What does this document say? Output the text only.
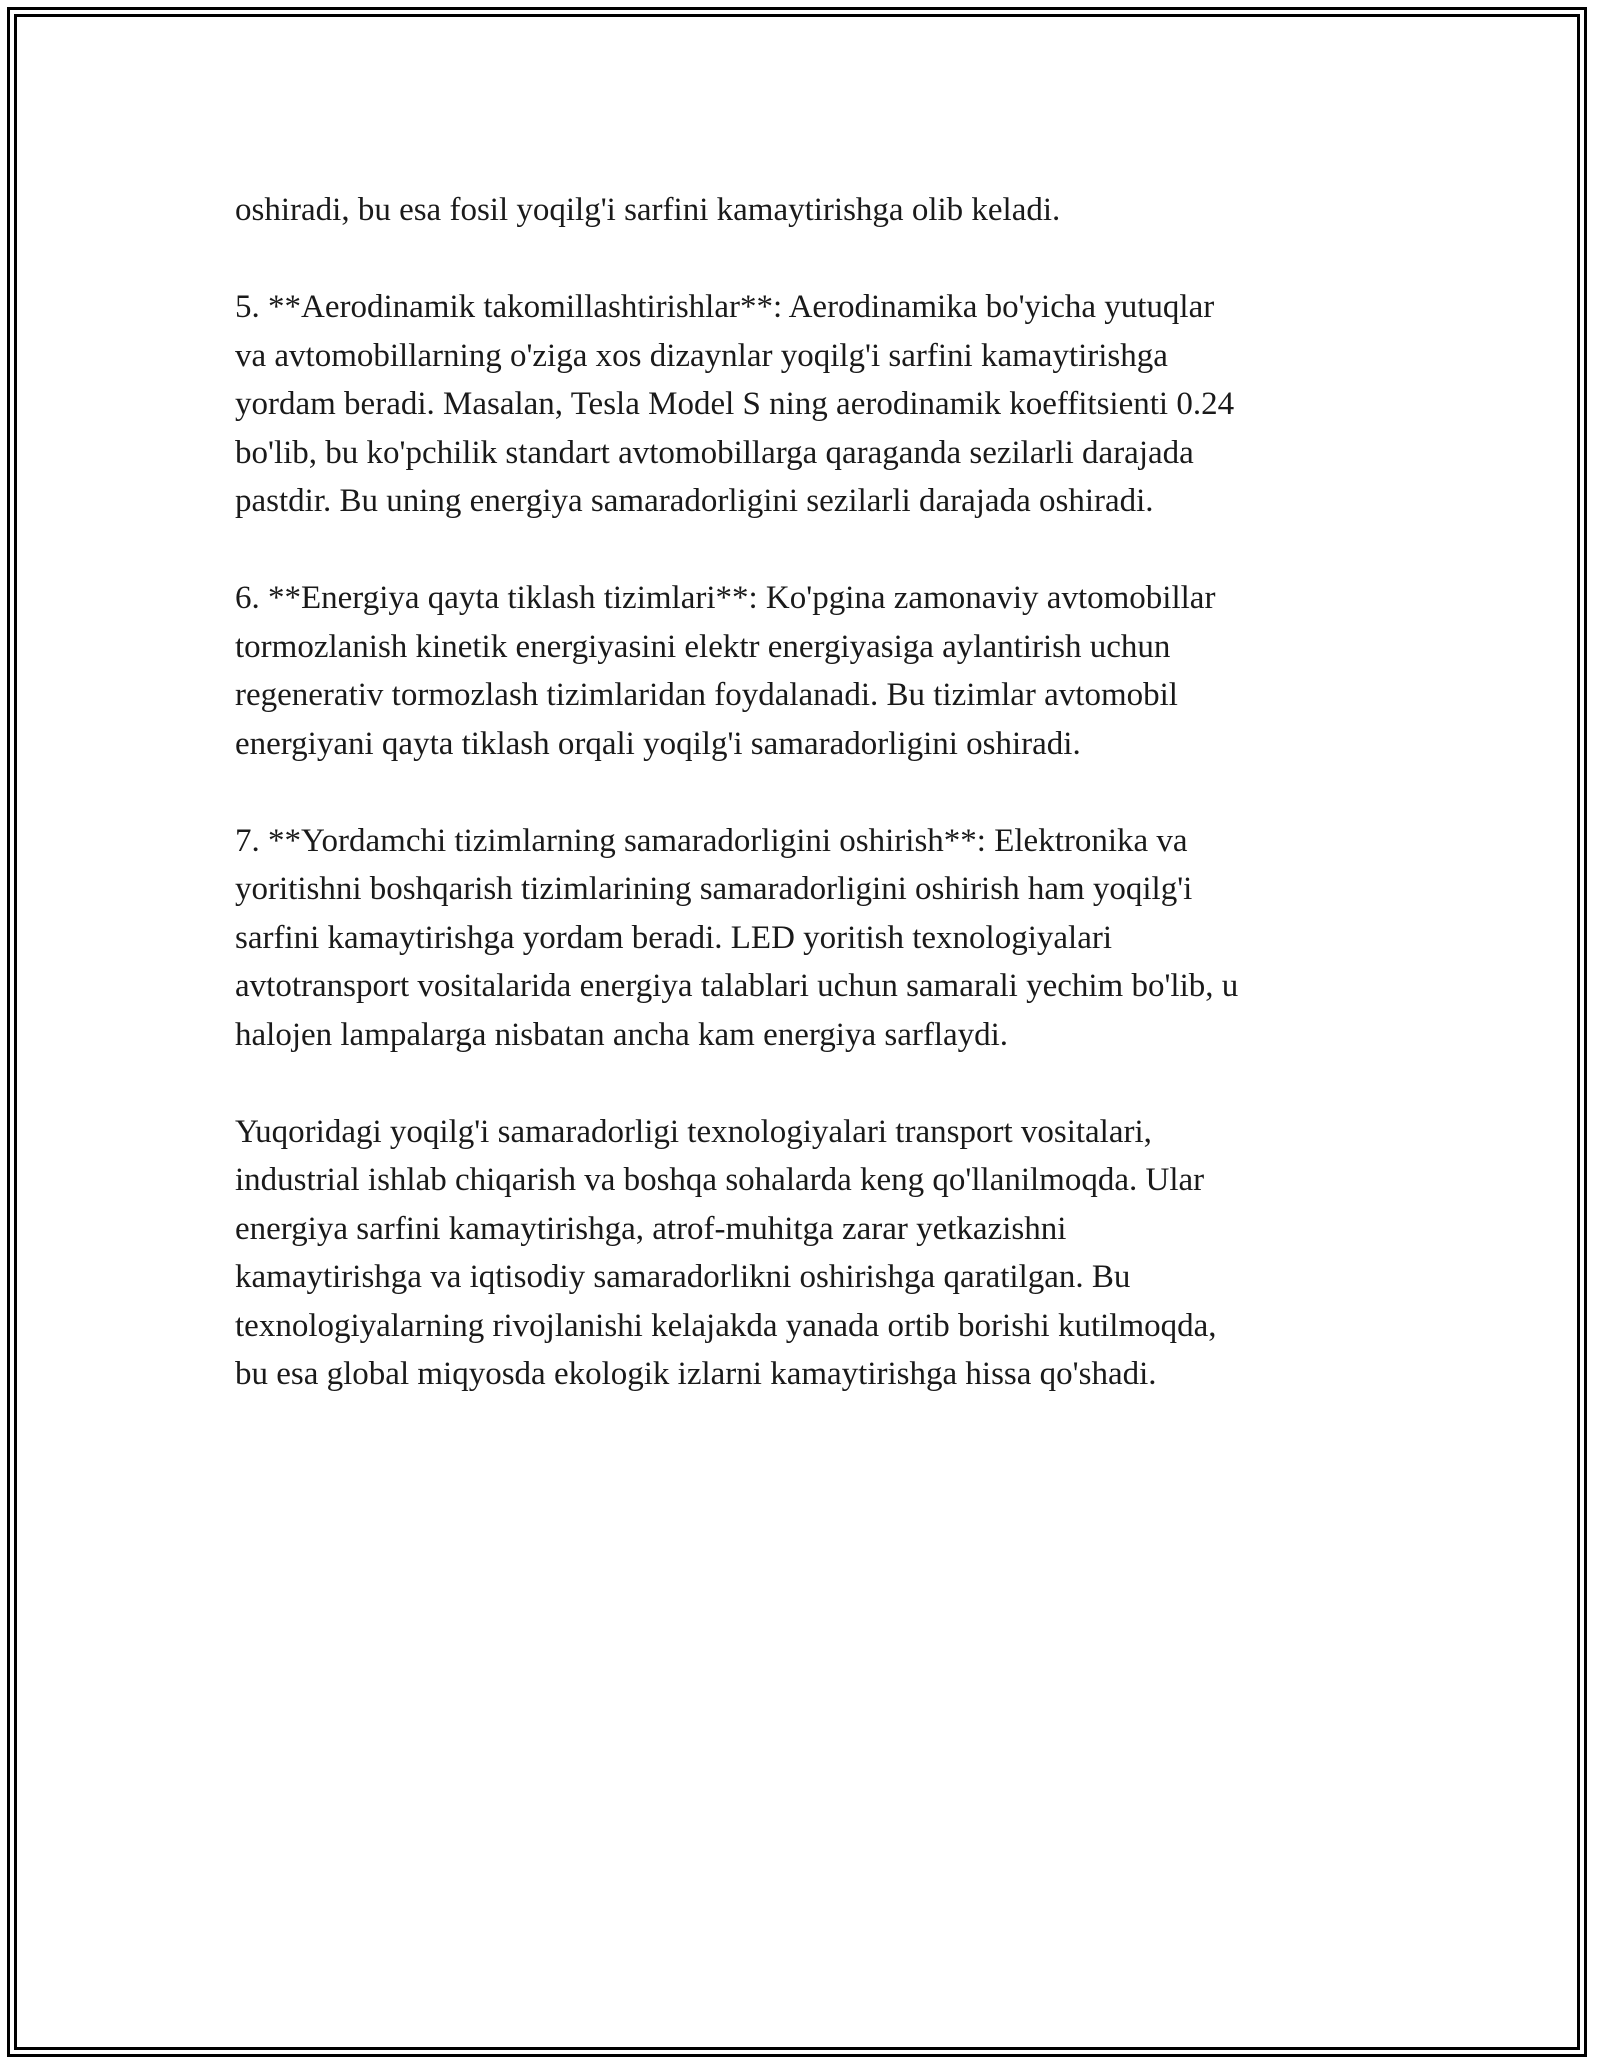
oshiradi, bu esa fosil yoqilg'i sarfini kamaytirishga olib keladi.

5. **Aerodinamik takomillashtirishlar**: Aerodinamika bo'yicha yutuqlar
va avtomobillarning o'ziga xos dizaynlar yoqilg'i sarfini kamaytirishga
yordam beradi. Masalan, Tesla Model S ning aerodinamik koeffitsienti 0.24
bo'lib, bu ko'pchilik standart avtomobillarga qaraganda sezilarli darajada
pastdir. Bu uning energiya samaradorligini sezilarli darajada oshiradi.

6. **Energiya qayta tiklash tizimlari**: Ko'pgina zamonaviy avtomobillar
tormozlanish kinetik energiyasini elektr energiyasiga aylantirish uchun
regenerativ tormozlash tizimlaridan foydalanadi. Bu tizimlar avtomobil
energiyani qayta tiklash orqali yoqilg'i samaradorligini oshiradi.

7. **Yordamchi tizimlarning samaradorligini oshirish**: Elektronika va
yoritishni boshqarish tizimlarining samaradorligini oshirish ham yoqilg'i
sarfini kamaytirishga yordam beradi. LED yoritish texnologiyalari
avtotransport vositalarida energiya talablari uchun samarali yechim bo'lib, u
halojen lampalarga nisbatan ancha kam energiya sarflaydi.

Yuqoridagi yoqilg'i samaradorligi texnologiyalari transport vositalari,
industrial ishlab chiqarish va boshqa sohalarda keng qo'llanilmoqda. Ular
energiya sarfini kamaytirishga, atrof-muhitga zarar yetkazishni
kamaytirishga va iqtisodiy samaradorlikni oshirishga qaratilgan. Bu
texnologiyalarning rivojlanishi kelajakda yanada ortib borishi kutilmoqda,
bu esa global miqyosda ekologik izlarni kamaytirishga hissa qo'shadi.
